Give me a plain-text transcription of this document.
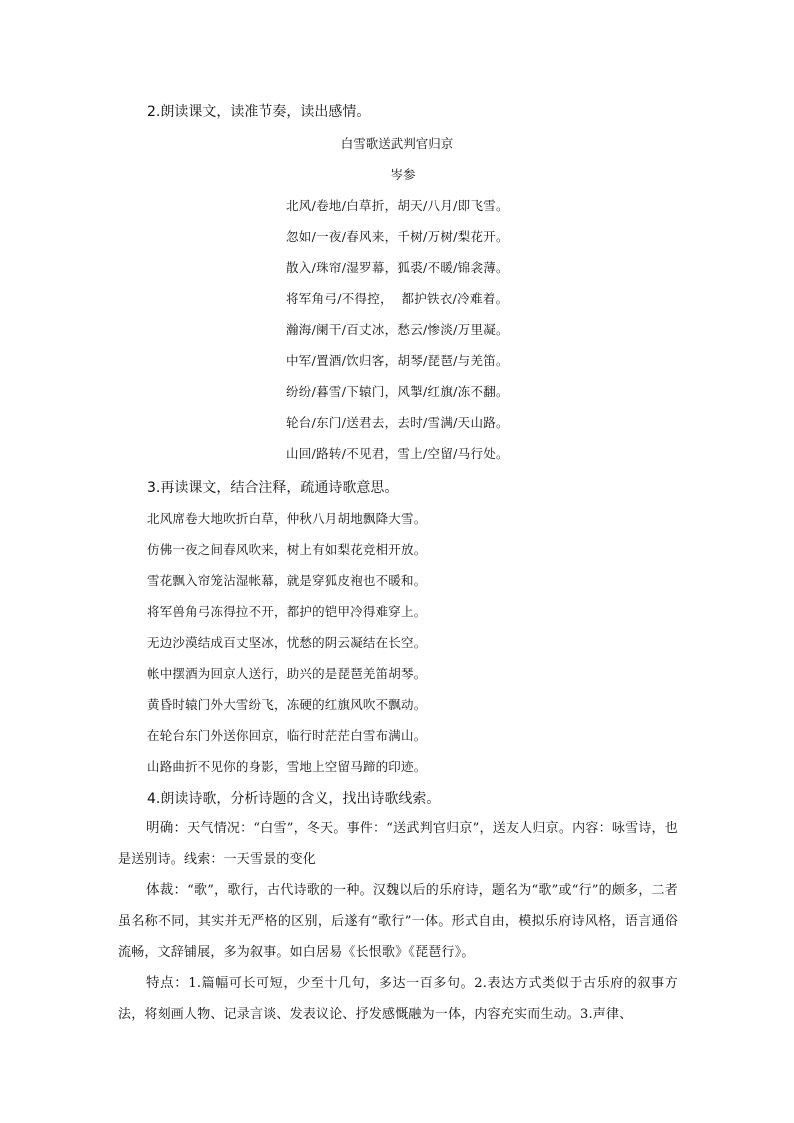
2.朗读课文，读准节奏，读出感情。
白雪歌送武判官归京
岑参
北风/卷地/白草折，胡天/八月/即飞雪。
忽如/一夜/春风来，千树/万树/梨花开。
散入/珠帘/湿罗幕，狐裘/不暖/锦衾薄。
将军角弓/不得控，  都护铁衣/冷难着。
瀚海/阑干/百丈冰，愁云/惨淡/万里凝。
中军/置酒/饮归客，胡琴/琵琶/与羌笛。
纷纷/暮雪/下辕门，风掣/红旗/冻不翻。
轮台/东门/送君去，去时/雪满/天山路。
山回/路转/不见君，雪上/空留/马行处。
3.再读课文，结合注释，疏通诗歌意思。
北风席卷大地吹折白草，仲秋八月胡地飘降大雪。
仿佛一夜之间春风吹来，树上有如梨花竞相开放。
雪花飘入帘笼沾湿帐幕，就是穿狐皮袍也不暖和。
将军兽角弓冻得拉不开，都护的铠甲冷得难穿上。
无边沙漠结成百丈坚冰，忧愁的阴云凝结在长空。
帐中摆酒为回京人送行，助兴的是琵琶羌笛胡琴。
黄昏时辕门外大雪纷飞，冻硬的红旗风吹不飘动。
在轮台东门外送你回京，临行时茫茫白雪布满山。
山路曲折不见你的身影，雪地上空留马蹄的印迹。
4.朗读诗歌，分析诗题的含义，找出诗歌线索。
明确：天气情况：“白雪”，冬天。事件：“送武判官归京”，送友人归京。内容：咏雪诗，也是送别诗。线索：一天雪景的变化
体裁：“歌”，歌行，古代诗歌的一种。汉魏以后的乐府诗，题名为“歌”或“行”的颇多，二者虽名称不同，其实并无严格的区别，后遂有“歌行”一体。形式自由，模拟乐府诗风格，语言通俗流畅，文辞铺展，多为叙事。如白居易《长恨歌》《琵琶行》。
特点：1.篇幅可长可短，少至十几句，多达一百多句。2.表达方式类似于古乐府的叙事方法，将刻画人物、记录言谈、发表议论、抒发感慨融为一体，内容充实而生动。3.声律、
